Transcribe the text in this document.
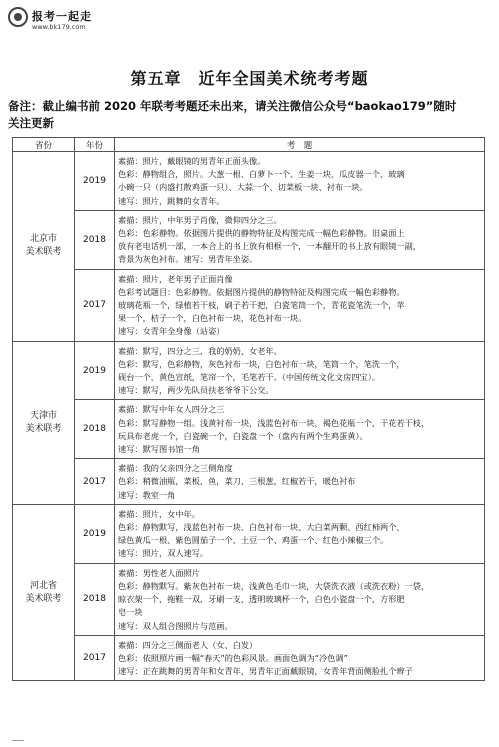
报考一起走
www.bk179.com
第五章　近年全国美术统考考题
备注：截止编书前 2020 年联考考题还未出来，请关注微信公众号“baokao179”随时
关注更新
省份	年份	考　题

北京市
美术联考	2019	素描：照片，戴眼镜的男青年正面头像。
色彩：静物组合，照片。大葱一根、白萝卜一个、生姜一块、瓜皮器一个、玻璃
小碗一只（内盛打散鸡蛋一只）、大蒜一个、切菜板一块、衬布一块。
速写：照片，跳舞的女青年。

	2018	素描：照片，中年男子肖像，微仰四分之三。
色彩：色彩静物。依据图片提供的静物特征及构图完成一幅色彩静物。旧桌面上
放有老电话机一部，一本合上的书上放有相框一个，一本翻开的书上放有眼镜一副，
背景为灰色衬布。速写：男青年坐姿。

	2017	素描：照片，老年男子正面肖像
色彩考试题目：色彩静物。依据图片提供的静物特征及构图完成一幅色彩静物。
玻璃花瓶一个，绿植若干枝，刷子若干把，白瓷笔筒一个，青花瓷笔洗一个，苹
果一个，桔子一个，白色衬布一块，花色衬布一块。
速写：女青年全身像（站姿）

天津市
美术联考	2019	素描：默写，四分之三，我的奶奶，女老年。
色彩：默写，色彩静物，灰色衬布一块，白色衬布一块，笔筒一个，笔洗一个，
砚台一个，黄色宣纸，笔帘一个，毛笔若干。（中国传统文化文房四宝）。
速写：默写，两少先队员扶老爷爷下公交。

	2018	素描：默写中年女人四分之三
色彩：默写静物一组。浅黄衬布一块，浅蓝色衬布一块，褐色花瓶一个，干花若干枝，
玩具布老虎一个，白瓷碗一个，白瓷盘一个（盘内有两个生鸡蛋黄）。
速写：默写图书馆一角

	2017	素描：我的父亲四分之三侧角度
色彩：稍微油瓶，菜板，鱼，菜刀，三根葱，红椒若干，暖色衬布
速写：教室一角

河北省
美术联考	2019	素描：照片，女中年。
色彩：静物默写，浅蓝色衬布一块、白色衬布一块、大白菜两颗、西红柿两个、
绿色黄瓜一根、紫色圆茄子一个、土豆一个、鸡蛋一个、红色小辣椒三个。
速写：照片，双人速写。

	2018	素描：男性老人面照片
色彩：静物默写。紫灰色衬布一块，浅黄色毛巾一块，大袋洗衣液（或洗衣粉）一袋，
晾衣架一个，拖鞋一双，牙刷一支，透明玻璃杯一个，白色小瓷盘一个，方形肥
皂一块
速写：双人组合图照片与范画。

	2017	素描：四分之三侧面老人（女、白发）
色彩：依照照片画一幅“春天”的色彩风景。画面色调为“冷色调”
速写：正在跳舞的男青年和女青年，男青年正面戴眼镜，女青年背面侧脸扎个辫子
